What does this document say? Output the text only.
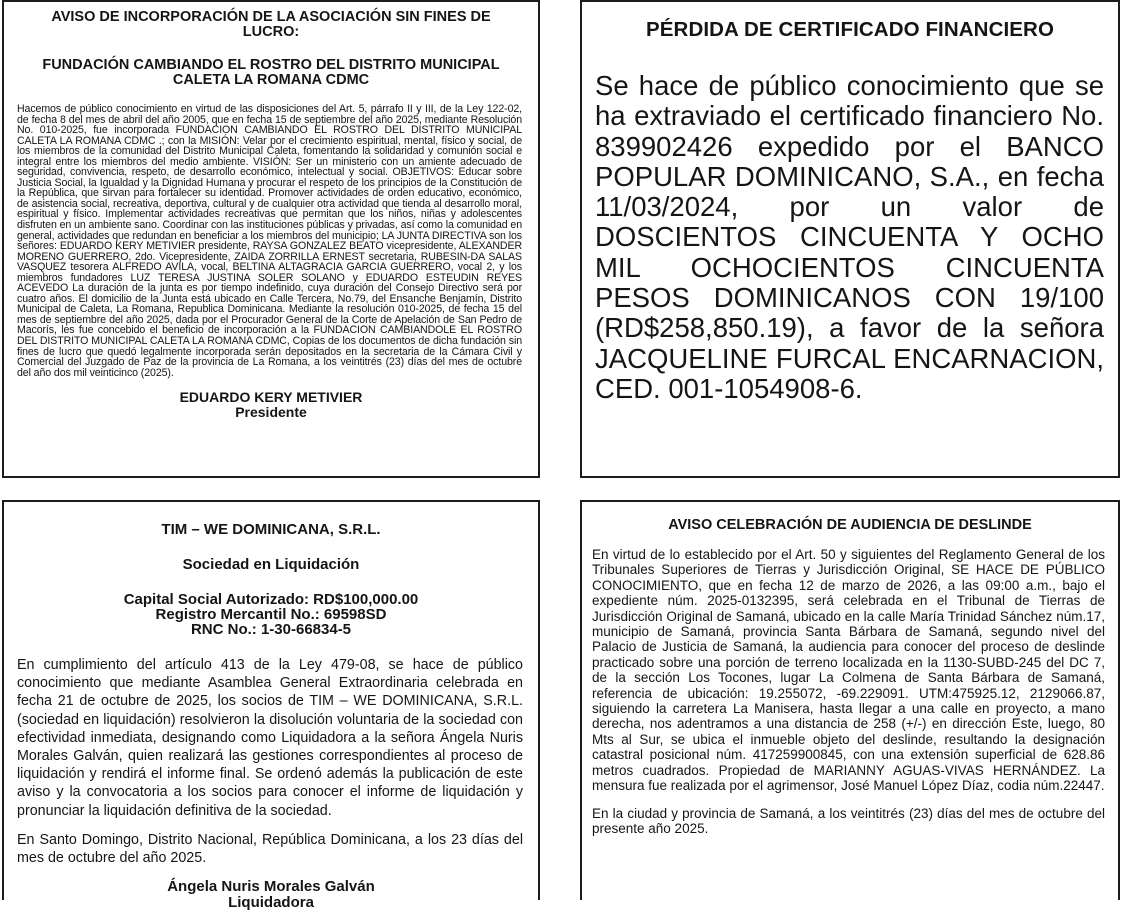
AVISO DE INCORPORACIÓN DE LA ASOCIACIÓN SIN FINES DE LUCRO:
FUNDACIÓN CAMBIANDO EL ROSTRO DEL DISTRITO MUNICIPAL CALETA LA ROMANA CDMC
Hacemos de público conocimiento en virtud de las disposiciones del Art. 5, párrafo II y III, de la Ley 122-02, de fecha 8 del mes de abril del año 2005, que en fecha 15 de septiembre del año 2025, mediante Resolución No. 010-2025, fue incorporada FUNDACION CAMBIANDO EL ROSTRO DEL DISTRITO MUNICIPAL CALETA LA ROMANA CDMC .; con la MISIÓN: Velar por el crecimiento espiritual, mental, físico y social, de los miembros de la comunidad del Distrito Municipal Caleta, fomentando la solidaridad y comunión social e integral entre los miembros del medio ambiente. VISIÓN: Ser un ministerio con un amiente adecuado de seguridad, convivencia, respeto, de desarrollo económico, intelectual y social. OBJETIVOS: Educar sobre Justicia Social, la Igualdad y la Dignidad Humana y procurar el respeto de los principios de la Constitución de la República, que sirvan para fortalecer su identidad. Promover actividades de orden educativo, económico, de asistencia social, recreativa, deportiva, cultural y de cualquier otra actividad que tienda al desarrollo moral, espiritual y físico. Implementar actividades recreativas que permitan que los niños, niñas y adolescentes disfruten en un ambiente sano. Coordinar con las instituciones públicas y privadas, así como la comunidad en general, actividades que redundan en beneficiar a los miembros del municipio; LA JUNTA DIRECTIVA son los señores: EDUARDO KERY METIVIER presidente, RAYSA GONZALEZ BEATO vicepresidente, ALEXANDER MORENO GUERRERO, 2do. Vicepresidente, ZAIDA ZORRILLA ERNEST secretaria, RUBESIN-DA SALAS VASQUEZ tesorera ALFREDO AVILA, vocal, BELTINA ALTAGRACIA GARCIA GUERRERO, vocal 2, y los miembros fundadores LUZ TERESA JUSTINA SOLER SOLANO y EDUARDO ESTEUDIN REYES ACEVEDO La duración de la junta es por tiempo indefinido, cuya duración del Consejo Directivo será por cuatro años. El domicilio de la Junta está ubicado en Calle Tercera, No.79, del Ensanche Benjamín, Distrito Municipal de Caleta, La Romana, Republica Dominicana. Mediante la resolución 010-2025, de fecha 15 del mes de septiembre del año 2025, dada por el Procurador General de la Corte de Apelación de San Pedro de Macorís, les fue concebido el beneficio de incorporación a la FUNDACION CAMBIANDOLE EL ROSTRO DEL DISTRITO MUNICIPAL CALETA LA ROMANA CDMC, Copias de los documentos de dicha fundación sin fines de lucro que quedó legalmente incorporada serán depositados en la secretaria de la Cámara Civil y Comercial del Juzgado de Paz de la provincia de La Romana, a los veintitrés (23) días del mes de octubre del año dos mil veinticinco (2025).
EDUARDO KERY METIVIER
Presidente
PÉRDIDA DE CERTIFICADO FINANCIERO
Se hace de público conocimiento que se ha extraviado el certificado financiero No. 839902426 expedido por el BANCO POPULAR DOMINICANO, S.A., en fecha 11/03/2024, por un valor de DOSCIENTOS CINCUENTA Y OCHO MIL OCHOCIENTOS CINCUENTA PESOS DOMINICANOS CON 19/100 (RD$258,850.19), a favor de la señora JACQUELINE FURCAL ENCARNACION, CED. 001-1054908-6.
TIM – WE DOMINICANA, S.R.L.
Sociedad en Liquidación
Capital Social Autorizado: RD$100,000.00
Registro Mercantil No.: 69598SD
RNC No.: 1-30-66834-5
En cumplimiento del artículo 413 de la Ley 479-08, se hace de público conocimiento que mediante Asamblea General Extraordinaria celebrada en fecha 21 de octubre de 2025, los socios de TIM – WE DOMINICANA, S.R.L. (sociedad en liquidación) resolvieron la disolución voluntaria de la sociedad con efectividad inmediata, designando como Liquidadora a la señora Ángela Nuris Morales Galván, quien realizará las gestiones correspondientes al proceso de liquidación y rendirá el informe final. Se ordenó además la publicación de este aviso y la convocatoria a los socios para conocer el informe de liquidación y pronunciar la liquidación definitiva de la sociedad.
En Santo Domingo, Distrito Nacional, República Dominicana, a los 23 días del mes de octubre del año 2025.
Ángela Nuris Morales Galván
Liquidadora
AVISO CELEBRACIÓN DE AUDIENCIA DE DESLINDE
En virtud de lo establecido por el Art. 50 y siguientes del Reglamento General de los Tribunales Superiores de Tierras y Jurisdicción Original, SE HACE DE PÚBLICO CONOCIMIENTO, que en fecha 12 de marzo de 2026, a las 09:00 a.m., bajo el expediente núm. 2025-0132395, será celebrada en el Tribunal de Tierras de Jurisdicción Original de Samaná, ubicado en la calle María Trinidad Sánchez núm.17, municipio de Samaná, provincia Santa Bárbara de Samaná, segundo nivel del Palacio de Justicia de Samaná, la audiencia para conocer del proceso de deslinde practicado sobre una porción de terreno localizada en la 1130-SUBD-245 del DC 7, de la sección Los Tocones, lugar La Colmena de Santa Bárbara de Samaná, referencia de ubicación: 19.255072, -69.229091. UTM:475925.12, 2129066.87, siguiendo la carretera La Manisera, hasta llegar a una calle en proyecto, a mano derecha, nos adentramos a una distancia de 258 (+/-) en dirección Este, luego, 80 Mts al Sur, se ubica el inmueble objeto del deslinde, resultando la designación catastral posicional núm. 417259900845, con una extensión superficial de 628.86 metros cuadrados. Propiedad de MARIANNY AGUAS-VIVAS HERNÁNDEZ. La mensura fue realizada por el agrimensor, José Manuel López Díaz, codia núm.22447.
En la ciudad y provincia de Samaná, a los veintitrés (23) días del mes de octubre del presente año 2025.
